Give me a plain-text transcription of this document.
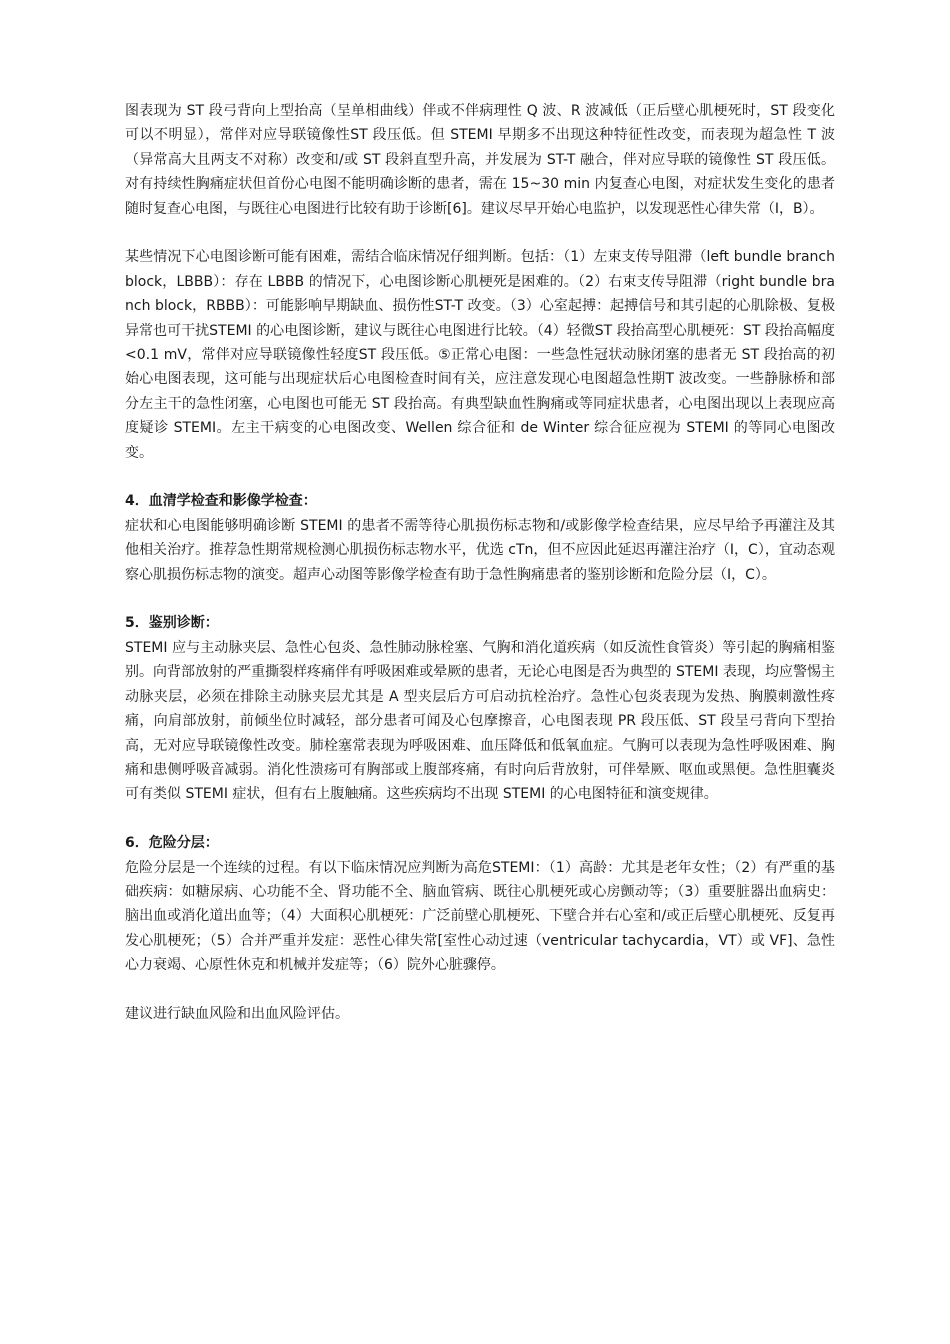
图表现为 ST 段弓背向上型抬高（呈单相曲线）伴或不伴病理性 Q 波、R 波减低（正后壁心肌梗死时，ST 段变化可以不明显），常伴对应导联镜像性ST 段压低。但 STEMI 早期多不出现这种特征性改变，而表现为超急性 T 波（异常高大且两支不对称）改变和/或 ST 段斜直型升高，并发展为 ST-T 融合，伴对应导联的镜像性 ST 段压低。对有持续性胸痛症状但首份心电图不能明确诊断的患者，需在 15~30 min 内复查心电图，对症状发生变化的患者随时复查心电图，与既往心电图进行比较有助于诊断[6]。建议尽早开始心电监护，以发现恶性心律失常（Ⅰ，B）。

某些情况下心电图诊断可能有困难，需结合临床情况仔细判断。包括：（1）左束支传导阻滞（left bundle branch block，LBBB）：存在 LBBB 的情况下，心电图诊断心肌梗死是困难的。（2）右束支传导阻滞（right bundle branch block，RBBB）：可能影响早期缺血、损伤性ST-T 改变。（3）心室起搏：起搏信号和其引起的心肌除极、复极异常也可干扰STEMI 的心电图诊断，建议与既往心电图进行比较。（4）轻微ST 段抬高型心肌梗死：ST 段抬高幅度<0.1 mV，常伴对应导联镜像性轻度ST 段压低。⑤正常心电图：一些急性冠状动脉闭塞的患者无 ST 段抬高的初始心电图表现，这可能与出现症状后心电图检查时间有关，应注意发现心电图超急性期T 波改变。一些静脉桥和部分左主干的急性闭塞，心电图也可能无 ST 段抬高。有典型缺血性胸痛或等同症状患者，心电图出现以上表现应高度疑诊 STEMI。左主干病变的心电图改变、Wellen 综合征和 de Winter 综合征应视为 STEMI 的等同心电图改变。

4．血清学检查和影像学检查：

症状和心电图能够明确诊断 STEMI 的患者不需等待心肌损伤标志物和/或影像学检查结果，应尽早给予再灌注及其他相关治疗。推荐急性期常规检测心肌损伤标志物水平，优选 cTn，但不应因此延迟再灌注治疗（Ⅰ，C），宜动态观察心肌损伤标志物的演变。超声心动图等影像学检查有助于急性胸痛患者的鉴别诊断和危险分层（Ⅰ，C）。

5．鉴别诊断：

STEMI 应与主动脉夹层、急性心包炎、急性肺动脉栓塞、气胸和消化道疾病（如反流性食管炎）等引起的胸痛相鉴别。向背部放射的严重撕裂样疼痛伴有呼吸困难或晕厥的患者，无论心电图是否为典型的 STEMI 表现，均应警惕主动脉夹层，必须在排除主动脉夹层尤其是 A 型夹层后方可启动抗栓治疗。急性心包炎表现为发热、胸膜刺激性疼痛，向肩部放射，前倾坐位时减轻，部分患者可闻及心包摩擦音，心电图表现 PR 段压低、ST 段呈弓背向下型抬高，无对应导联镜像性改变。肺栓塞常表现为呼吸困难、血压降低和低氧血症。气胸可以表现为急性呼吸困难、胸痛和患侧呼吸音减弱。消化性溃疡可有胸部或上腹部疼痛，有时向后背放射，可伴晕厥、呕血或黑便。急性胆囊炎可有类似 STEMI 症状，但有右上腹触痛。这些疾病均不出现 STEMI 的心电图特征和演变规律。

6．危险分层：

危险分层是一个连续的过程。有以下临床情况应判断为高危STEMI：（1）高龄：尤其是老年女性；（2）有严重的基础疾病：如糖尿病、心功能不全、肾功能不全、脑血管病、既往心肌梗死或心房颤动等；（3）重要脏器出血病史：脑出血或消化道出血等；（4）大面积心肌梗死：广泛前壁心肌梗死、下壁合并右心室和/或正后壁心肌梗死、反复再发心肌梗死；（5）合并严重并发症：恶性心律失常[室性心动过速（ventricular tachycardia，VT）或 VF]、急性心力衰竭、心原性休克和机械并发症等；（6）院外心脏骤停。

建议进行缺血风险和出血风险评估。
